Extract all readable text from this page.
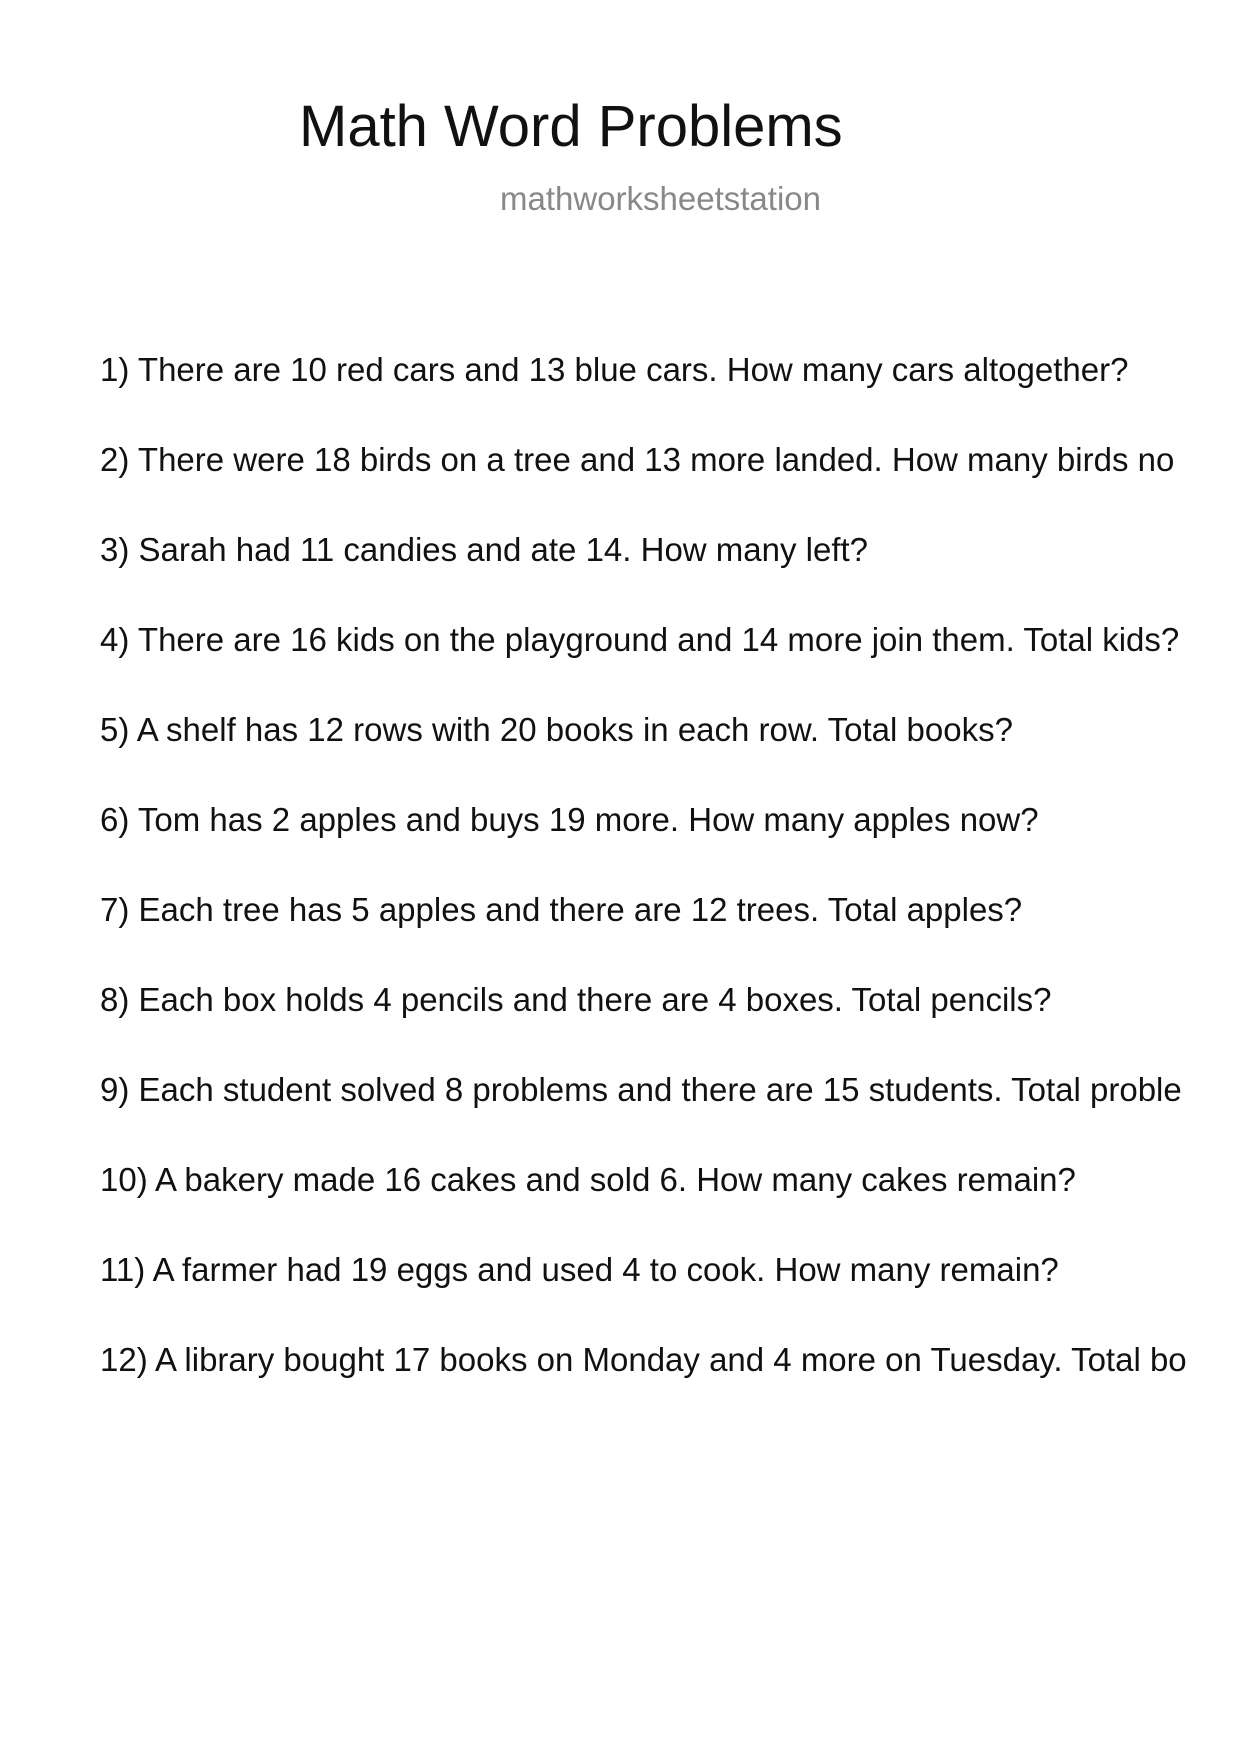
Math Word Problems
mathworksheetstation
1) There are 10 red cars and 13 blue cars. How many cars altogether?
2) There were 18 birds on a tree and 13 more landed. How many birds no
3) Sarah had 11 candies and ate 14. How many left?
4) There are 16 kids on the playground and 14 more join them. Total kids?
5) A shelf has 12 rows with 20 books in each row. Total books?
6) Tom has 2 apples and buys 19 more. How many apples now?
7) Each tree has 5 apples and there are 12 trees. Total apples?
8) Each box holds 4 pencils and there are 4 boxes. Total pencils?
9) Each student solved 8 problems and there are 15 students. Total proble
10) A bakery made 16 cakes and sold 6. How many cakes remain?
11) A farmer had 19 eggs and used 4 to cook. How many remain?
12) A library bought 17 books on Monday and 4 more on Tuesday. Total bo
